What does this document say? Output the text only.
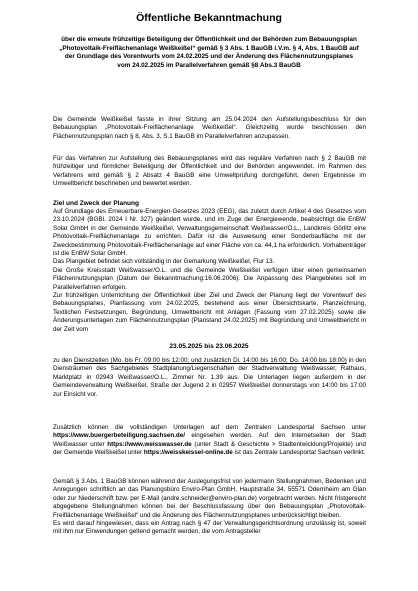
Öffentliche Bekanntmachung
über die erneute frühzeitige Beteiligung der Öffentlichkeit und der Behörden zum Bebauungsplan „Photovoltaik-Freiflächenanlage Weißkeißel“ gemäß § 3 Abs. 1 BauGB i.V.m. § 4, Abs. 1 BauGB auf der Grundlage des Vorentwurfs vom 24.02.2025 und der Änderung des Flächennutzungsplanes vom 24.02.2025 im Parallelverfahren gemäß §8 Abs.3 BauGB
Die Gemeinde Weißkeißel fasste in ihrer Sitzung am 25.04.2024 den Aufstellungsbeschluss für den Bebauungsplan „Photovoltaik-Freiflächenanlage Weißkeißel“. Gleichzeitig wurde beschlossen den Flächennutzungsplan nach § 8, Abs. 3, S.1 BauGB im Parallelverfahren anzupassen.
Für das Verfahren zur Aufstellung des Bebauungsplanes wird das reguläre Verfahren nach § 2 BauGB mit frühzeitiger und förmlicher Beteiligung der Öffentlichkeit und der Behörden angewendet. Im Rahmen des Verfahrens wird gemäß § 2 Absatz 4 BauGB eine Umweltprüfung durchgeführt, deren Ergebnisse im Umweltbericht beschrieben und bewertet werden.
Ziel und Zweck der Planung

Auf Grundlage des Erneuerbare-Energien-Gesetzes 2023 (EEG), das zuletzt durch Artikel 4 des Gesetzes vom 23.10.2024 (BGBl. 2024 I Nr. 327) geändert wurde, und im Zuge der Energiewende, beabsichtigt die EnBW Solar GmbH in der Gemeinde Weißkeißel, Verwaltungsgemeinschaft Weißwasser/O.L., Landkreis Görlitz eine Photovoltaik-Freiflächenanlage zu errichten. Dafür ist die Ausweisung einer Sonderbaufläche mit der Zweckbestimmung Photovoltaik-Freiflächenanlage auf einer Fläche von ca. 44,1 ha erforderlich. Vorhabenträger ist die EnBW Solar GmbH.

Das Plangebiet befindet sich vollständig in der Gemarkung Weißkeißel, Flur 13.

Die Große Kreisstadt Weißwasser/O.L. und die Gemeinde Weißkeißel verfügen über einen gemeinsamen Flächennutzungsplan (Datum der Bekanntmachung:16.06.2006). Die Anpassung des Plangebietes soll im Parallelverfahren erfolgen.

Zur frühzeitigen Unterrichtung der Öffentlichkeit über Ziel und Zweck der Planung liegt der Vorentwurf des Bebauungsplanes, Planfassung vom 24.02.2025, bestehend aus einer Übersichtskarte, Planzeichnung, Textlichen Festsetzungen, Begründung, Umweltbericht mit Anlagen (Fassung vom 27.02.2025) sowie die Änderungsunterlagen zum Flächennutzungsplan (Planstand 24.02.2025) mit Begründung und Umweltbericht in der Zeit vom

23.05.2025 bis 23.06.2025
zu den Dienstzeiten (Mo. bis Fr. 09:00 bis 12:00; und zusätzlich Di. 14:00 bis 16:00; Do. 14:00 bis 18:00) in den Diensträumen des Sachgebietes Stadtplanung/Liegenschaften der Stadtverwaltung Weißwasser, Rathaus, Marktplatz in 02943 Weißwasser/O.L., Zimmer Nr. 1.39 aus. Die Unterlagen liegen außerdem in der Gemeindeverwaltung Weißkeißel, Straße der Jugend 2 in 02957 Weißkeißel donnerstags von 14:00 bis 17:00 zur Einsicht vor.
Zusätzlich können die vollständigen Unterlagen auf dem Zentralen Landesportal Sachsen unter https://www.buergerbeteiligung.sachsen.de/ eingesehen werden. Auf den Internetseiten der Stadt Weißwasser unter https://www.weisswasser.de (unter Stadt & Geschichte > Stadtentwicklung/Projekte) und der Gemeinde Weißkeißel unter https://weisskeissel-online.de ist das Zentrale Landesportal Sachsen verlinkt.

Gemäß § 3 Abs. 1 BauGB können während der Auslegungsfrist von jedermann Stellungnahmen, Bedenken und Anregungen schriftlich an das Planungsbüro Enviro-Plan GmbH, Hauptstraße 34, 55571 Odernheim am Glan oder zur Niederschrift bzw. per E-Mail (andre.schneider@enviro-plan.de) vorgebracht werden. Nicht fristgerecht abgegebene Stellungnahmen können bei der Beschlussfassung über den Bebauungsplan „Photovoltaik-Freiflächenanlage Weißkeißel“ und die Änderung des Flächennutzungsplanes unberücksichtigt bleiben.

Es wird darauf hingewiesen, dass ein Antrag nach § 47 der Verwaltungsgerichtsordnung unzulässig ist, soweit mit ihm nur Einwendungen geltend gemacht werden, die vom Antragsteller
